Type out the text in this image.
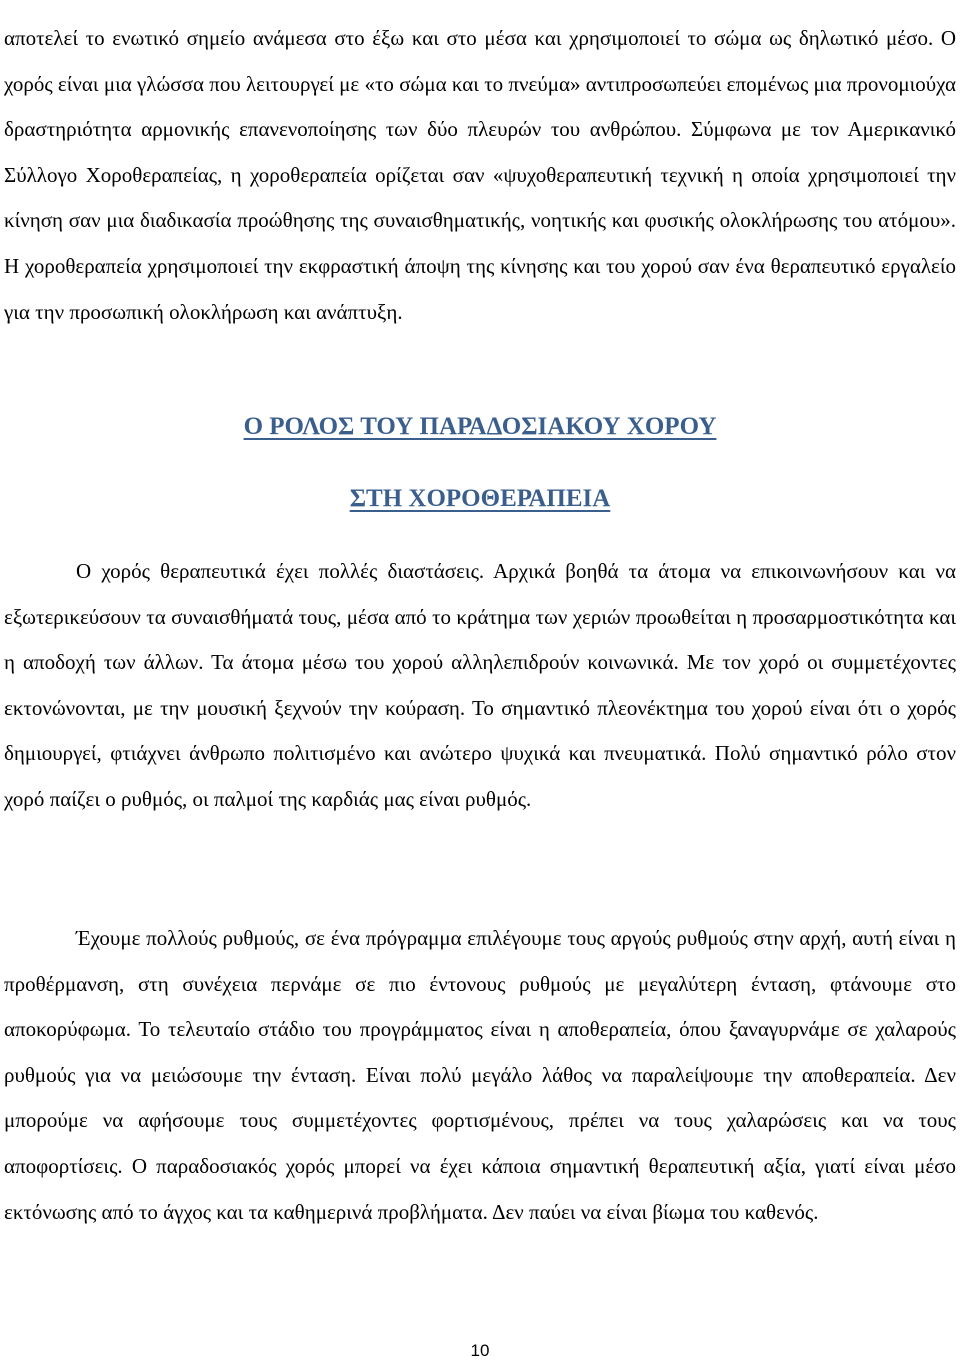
αποτελεί το ενωτικό σημείο ανάμεσα στο έξω και στο μέσα και χρησιμοποιεί το σώμα ως δηλωτικό μέσο. Ο χορός είναι μια γλώσσα που λειτουργεί με «το σώμα και το πνεύμα» αντιπροσωπεύει επομένως μια προνομιούχα δραστηριότητα αρμονικής επανενοποίησης των δύο πλευρών του ανθρώπου. Σύμφωνα με τον Αμερικανικό Σύλλογο Χοροθεραπείας, η χοροθεραπεία ορίζεται σαν «ψυχοθεραπευτική τεχνική η οποία χρησιμοποιεί την κίνηση σαν μια διαδικασία προώθησης της συναισθηματικής, νοητικής και φυσικής ολοκλήρωσης του ατόμου». Η χοροθεραπεία χρησιμοποιεί την εκφραστική άποψη της κίνησης και του χορού σαν ένα θεραπευτικό εργαλείο για την προσωπική ολοκλήρωση και ανάπτυξη.

Ο ΡΟΛΟΣ ΤΟΥ ΠΑΡΑΔΟΣΙΑΚΟΥ ΧΟΡΟΥ
ΣΤΗ ΧΟΡΟΘΕΡΑΠΕΙΑ

Ο χορός θεραπευτικά έχει πολλές διαστάσεις. Αρχικά βοηθά τα άτομα να επικοινωνήσουν και να εξωτερικεύσουν τα συναισθήματά τους, μέσα από το κράτημα των χεριών προωθείται η προσαρμοστικότητα και η αποδοχή των άλλων. Τα άτομα μέσω του χορού αλληλεπιδρούν κοινωνικά. Με τον χορό οι συμμετέχοντες εκτονώνονται, με την μουσική ξεχνούν την κούραση. Το σημαντικό πλεονέκτημα του χορού είναι ότι ο χορός δημιουργεί, φτιάχνει άνθρωπο πολιτισμένο και ανώτερο ψυχικά και πνευματικά. Πολύ σημαντικό ρόλο στον χορό παίζει ο ρυθμός, οι παλμοί της καρδιάς μας είναι ρυθμός.

Έχουμε πολλούς ρυθμούς, σε ένα πρόγραμμα επιλέγουμε τους αργούς ρυθμούς στην αρχή, αυτή είναι η προθέρμανση, στη συνέχεια περνάμε σε πιο έντονους ρυθμούς με μεγαλύτερη ένταση, φτάνουμε στο αποκορύφωμα. Το τελευταίο στάδιο του προγράμματος είναι η αποθεραπεία, όπου ξαναγυρνάμε σε χαλαρούς ρυθμούς για να μειώσουμε την ένταση. Είναι πολύ μεγάλο λάθος να παραλείψουμε την αποθεραπεία. Δεν μπορούμε να αφήσουμε τους συμμετέχοντες φορτισμένους, πρέπει να τους χαλαρώσεις και να τους αποφορτίσεις. Ο παραδοσιακός χορός μπορεί να έχει κάποια σημαντική θεραπευτική αξία, γιατί είναι μέσο εκτόνωσης από το άγχος και τα καθημερινά προβλήματα. Δεν παύει να είναι βίωμα του καθενός.

10
